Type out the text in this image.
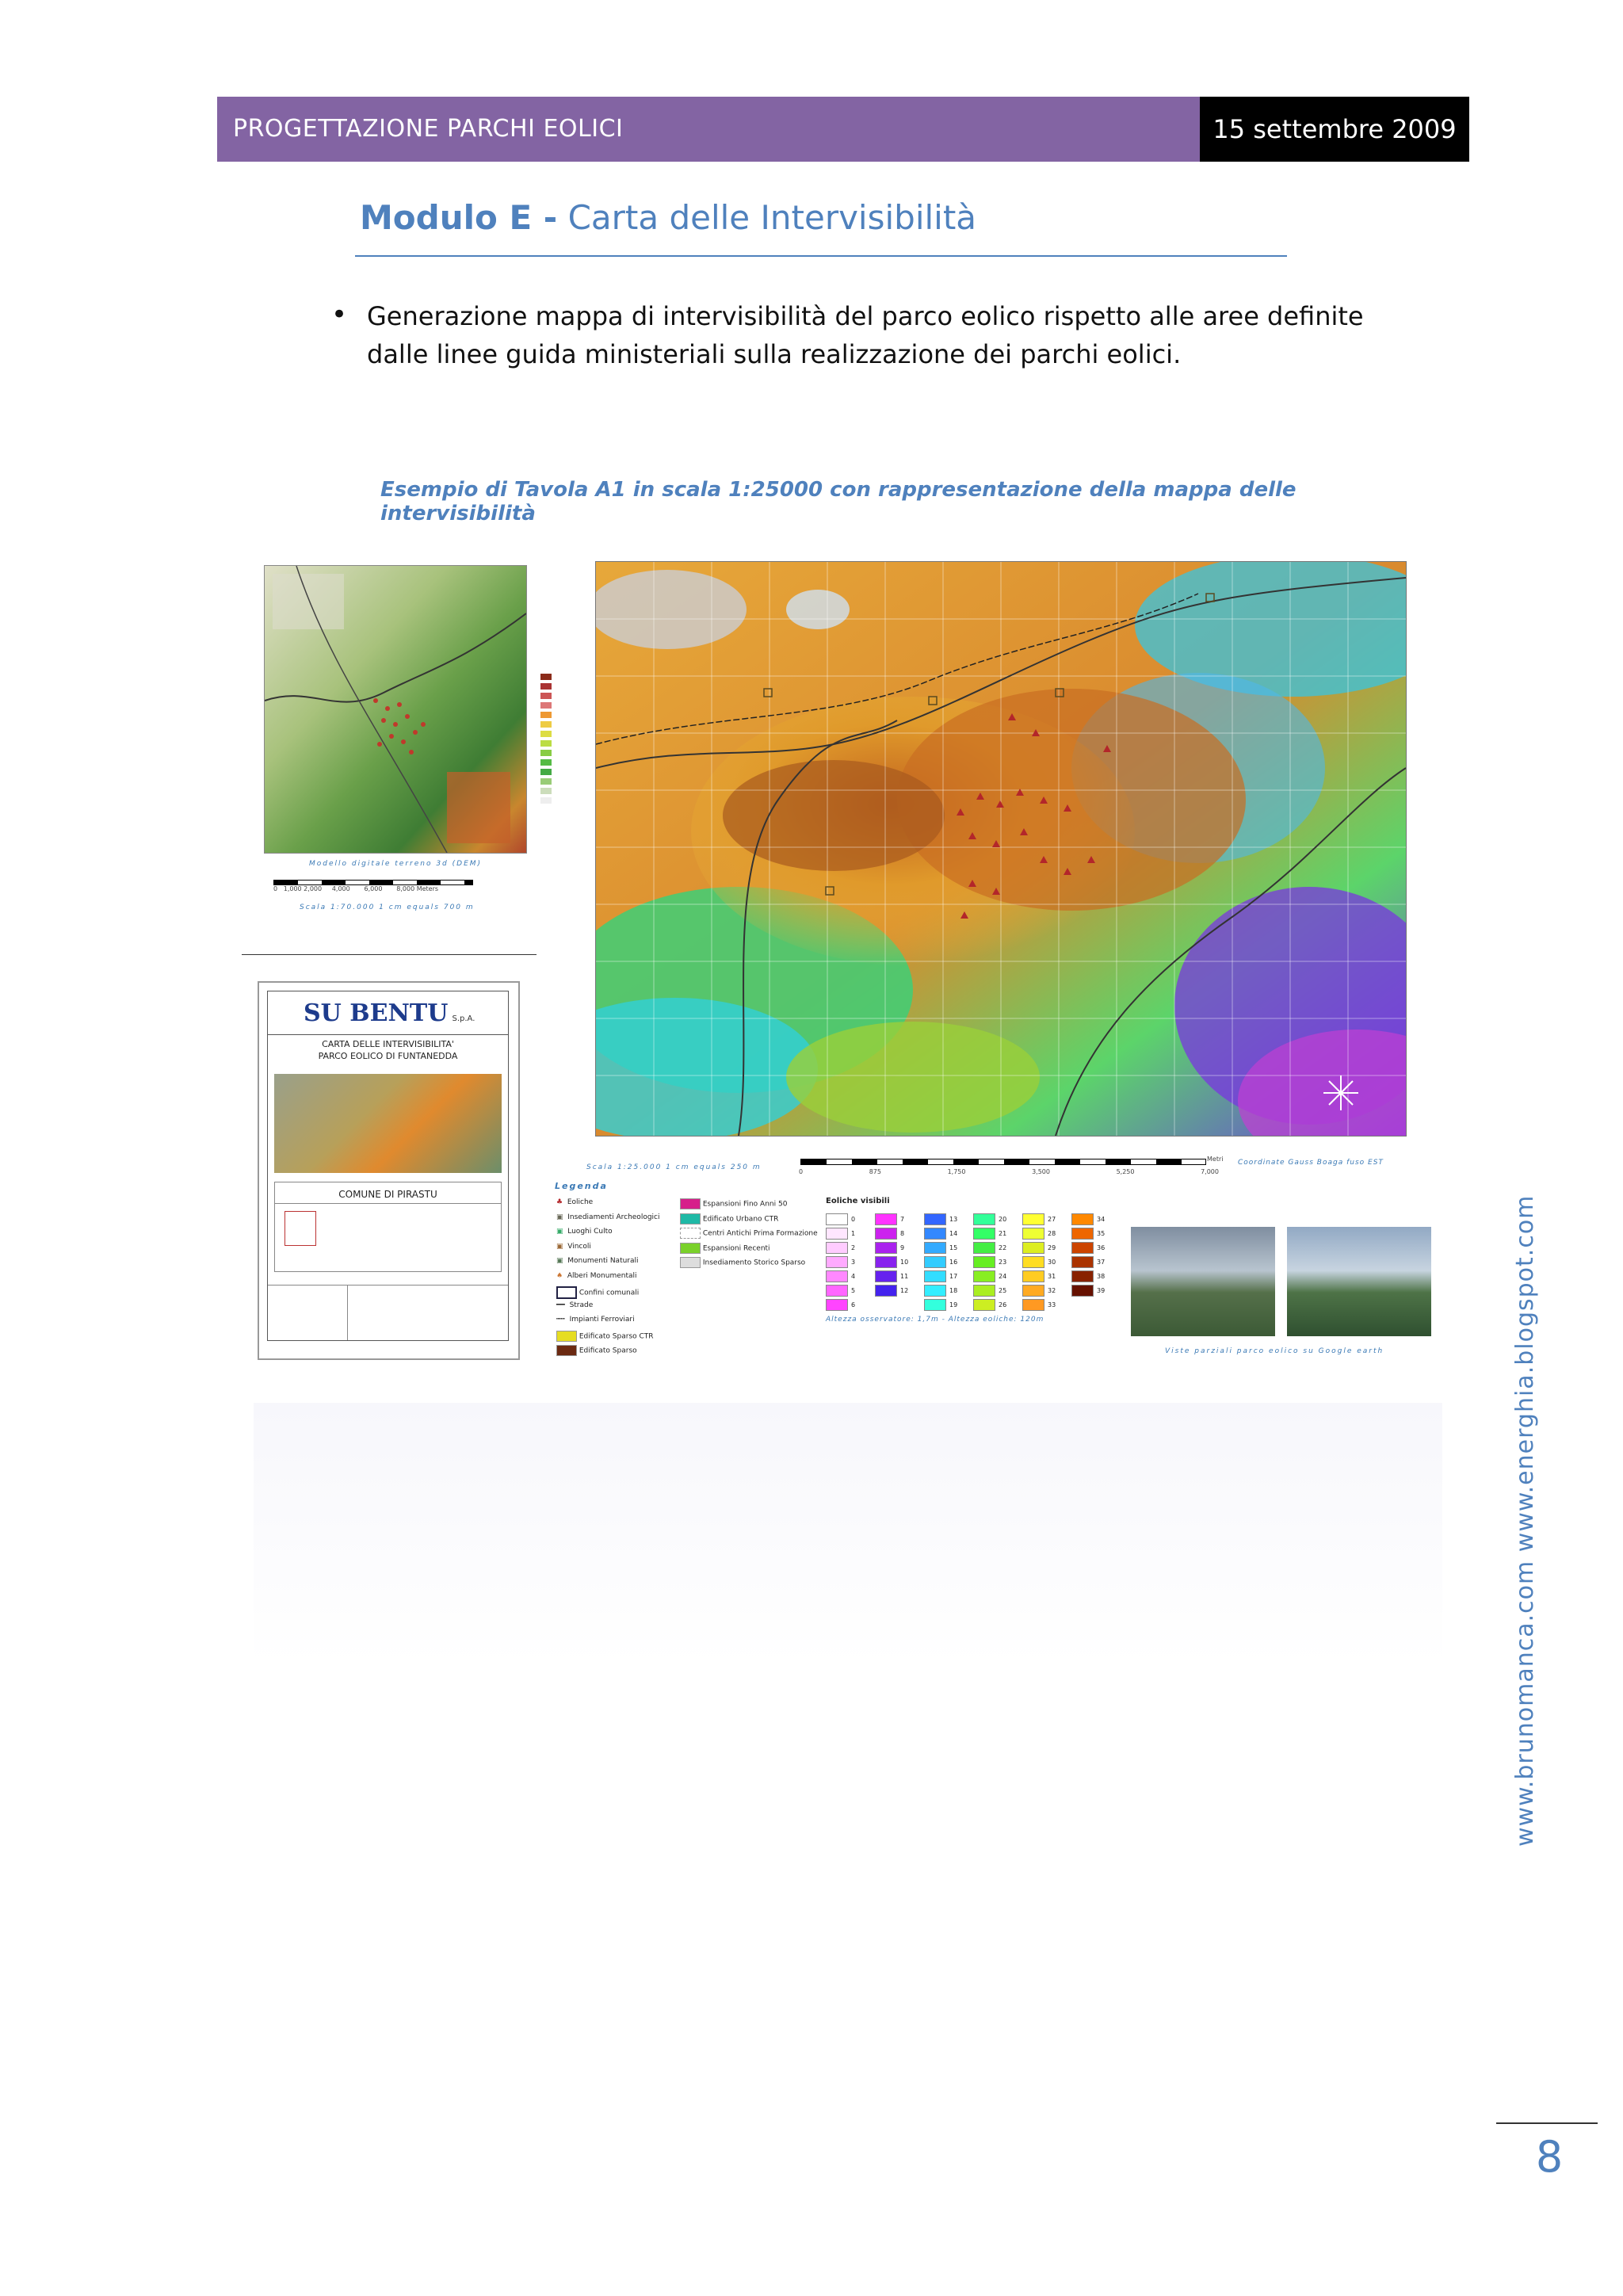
PROGETTAZIONE PARCHI EOLICI	15 settembre 2009
Modulo E - Carta delle Intervisibilità
• Generazione mappa di intervisibilità del parco eolico rispetto alle aree definite dalle linee guida ministeriali sulla realizzazione dei parchi eolici.
Esempio di Tavola A1 in scala 1:25000 con rappresentazione della mappa delle intervisibilità
Modello digitale terreno 3d (DEM)
0 1,000 2,000 4,000 6,000 8,000 Meters
Scala 1:70.000 1 cm equals 700 m
Scala 1:25.000 1 cm equals 250 m
0	875	1,750	3,500	5,250	7,000
Metri Coordinate Gauss Boaga fuso EST
SU BENTU S.p.A.
CARTA DELLE INTERVISIBILITA'
PARCO EOLICO DI FUNTANEDDA
COMUNE DI PIRASTU
Legenda
♣ Eoliche
▣ Insediamenti Archeologici
▣ Luoghi Culto
▣ Vincoli
▣ Monumenti Naturali
♠ Alberi Monumentali
Confini comunali
━━  Strade
┅┅  Impianti Ferroviari
Edificato Sparso CTR
Edificato Sparso
Espansioni Fino Anni 50
Edificato Urbano CTR
Centri Antichi Prima Formazione
Espansioni Recenti
Insediamento Storico Sparso
Eoliche visibili
0	7	13	20	27	34
1	8	14	21	28	35
2	9	15	22	29	36
3	10	16	23	30	37
4	11	17	24	31	38
5	12	18	25	32	39
6	19	26	33
Altezza osservatore: 1,7m - Altezza eoliche: 120m
Viste parziali parco eolico su Google earth	www.brunomanca.com www.energhia.blogspot.com
8
